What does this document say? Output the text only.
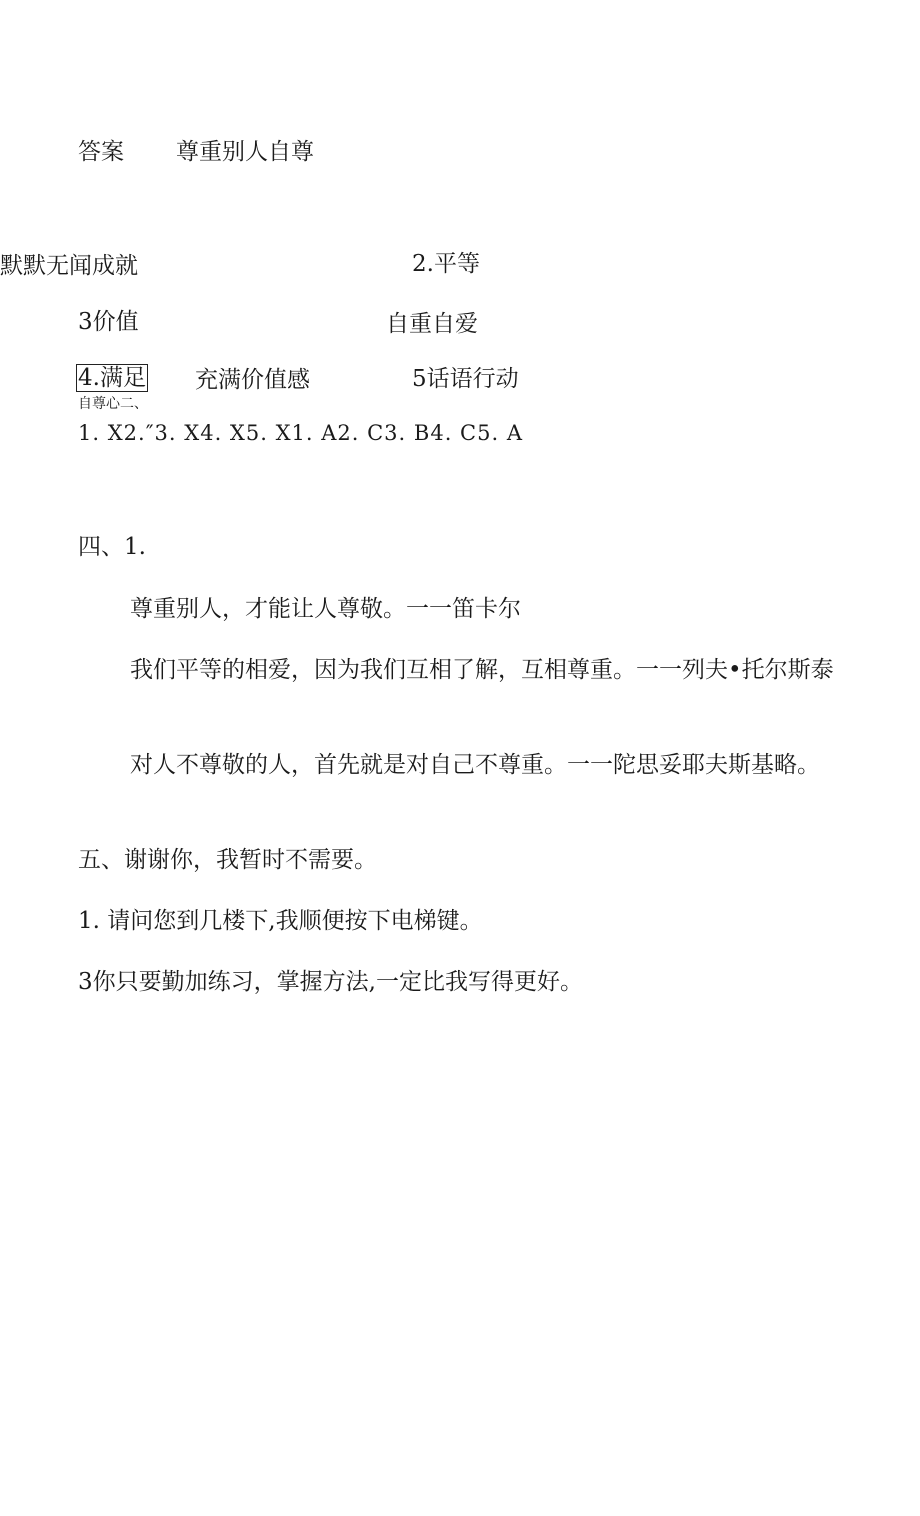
答案 尊重别人自尊
默默无闻成就	2.平等
3价值	自重自爱
4.满足 充满价值感	5话语行动
自尊心二、
1. X2.″3. X4. X5. X1. A2. C3. B4. C5. A
四、1.
尊重别人，才能让人尊敬。一一笛卡尔
我们平等的相爱，因为我们互相了解，互相尊重。一一列夫•托尔斯泰
对人不尊敬的人，首先就是对自己不尊重。一一陀思妥耶夫斯基略。
五、谢谢你，我暂时不需要。
1. 请问您到几楼下,我顺便按下电梯键。
3你只要勤加练习，掌握方法,一定比我写得更好。
